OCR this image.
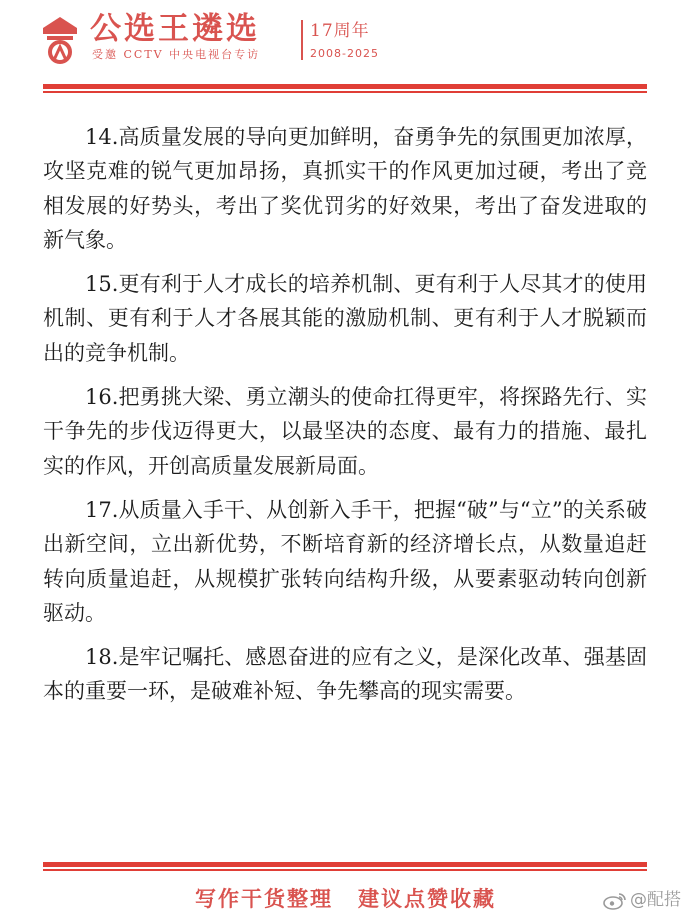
公选王遴选
受邀 CCTV 中央电视台专访
17周年
2008-2025

14.高质量发展的导向更加鲜明，奋勇争先的氛围更加浓厚，攻坚克难的锐气更加昂扬，真抓实干的作风更加过硬，考出了竞相发展的好势头，考出了奖优罚劣的好效果，考出了奋发进取的新气象。

15.更有利于人才成长的培养机制、更有利于人尽其才的使用机制、更有利于人才各展其能的激励机制、更有利于人才脱颖而出的竞争机制。

16.把勇挑大梁、勇立潮头的使命扛得更牢，将探路先行、实干争先的步伐迈得更大，以最坚决的态度、最有力的措施、最扎实的作风，开创高质量发展新局面。

17.从质量入手干、从创新入手干，把握“破”与“立”的关系破出新空间，立出新优势，不断培育新的经济增长点，从数量追赶转向质量追赶，从规模扩张转向结构升级，从要素驱动转向创新驱动。

18.是牢记嘱托、感恩奋进的应有之义，是深化改革、强基固本的重要一环，是破难补短、争先攀高的现实需要。

写作干货整理 建议点赞收藏	@配搭
